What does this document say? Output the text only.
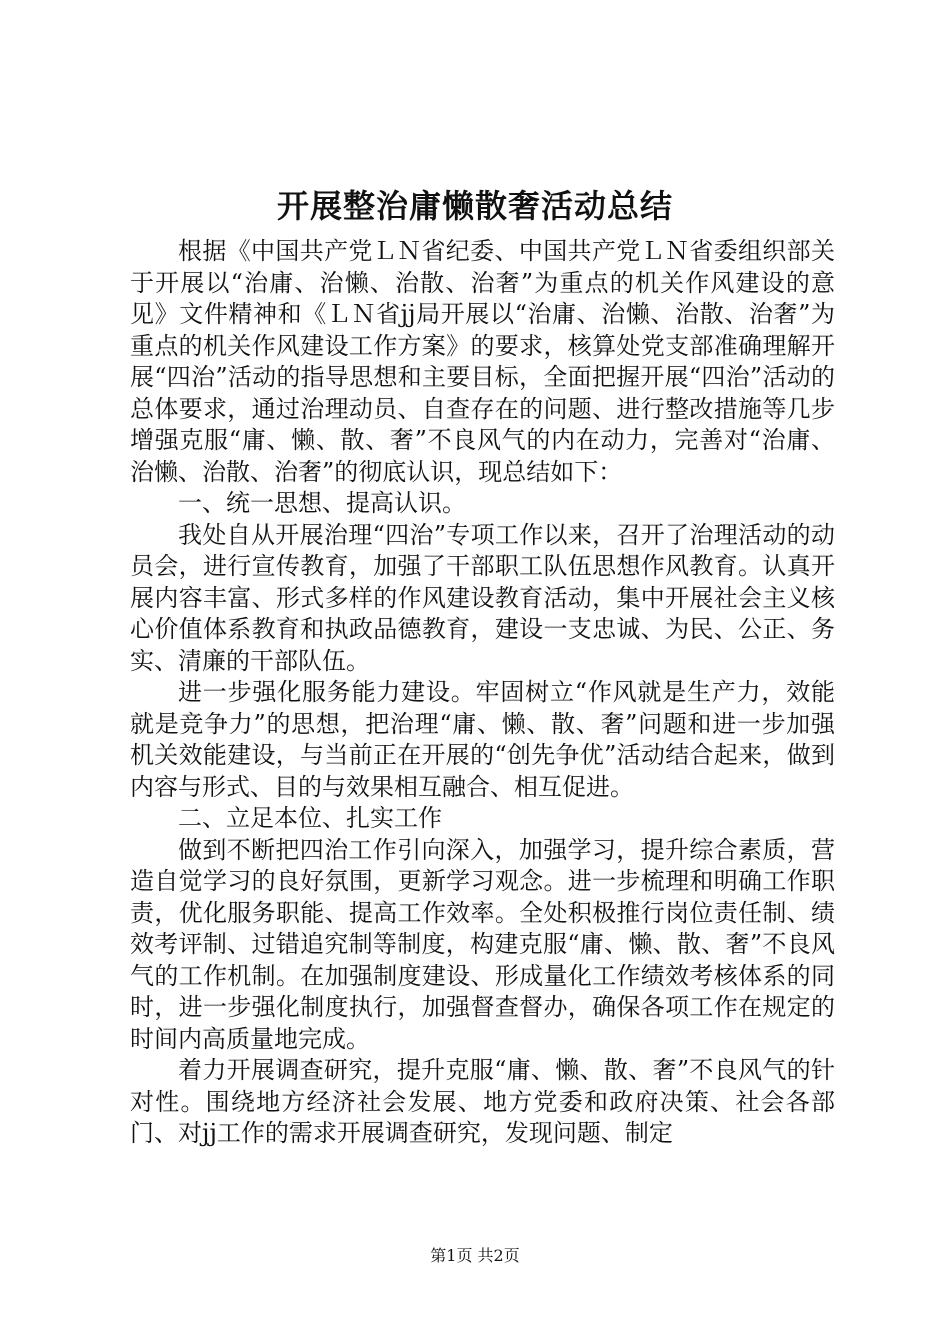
开展整治庸懒散奢活动总结

根据《中国共产党ＬＮ省纪委、中国共产党ＬＮ省委组织部关于开展以“治庸、治懒、治散、治奢”为重点的机关作风建设的意见》文件精神和《ＬＮ省jj局开展以“治庸、治懒、治散、治奢”为重点的机关作风建设工作方案》的要求，核算处党支部准确理解开展“四治”活动的指导思想和主要目标，全面把握开展“四治”活动的总体要求，通过治理动员、自查存在的问题、进行整改措施等几步增强克服“庸、懒、散、奢”不良风气的内在动力，完善对“治庸、治懒、治散、治奢”的彻底认识，现总结如下：

一、统一思想、提高认识。

我处自从开展治理“四治”专项工作以来，召开了治理活动的动员会，进行宣传教育，加强了干部职工队伍思想作风教育。认真开展内容丰富、形式多样的作风建设教育活动，集中开展社会主义核心价值体系教育和执政品德教育，建设一支忠诚、为民、公正、务实、清廉的干部队伍。

进一步强化服务能力建设。牢固树立“作风就是生产力，效能就是竞争力”的思想，把治理“庸、懒、散、奢”问题和进一步加强机关效能建设，与当前正在开展的“创先争优”活动结合起来，做到内容与形式、目的与效果相互融合、相互促进。

二、立足本位、扎实工作

做到不断把四治工作引向深入，加强学习，提升综合素质，营造自觉学习的良好氛围，更新学习观念。进一步梳理和明确工作职责，优化服务职能、提高工作效率。全处积极推行岗位责任制、绩效考评制、过错追究制等制度，构建克服“庸、懒、散、奢”不良风气的工作机制。在加强制度建设、形成量化工作绩效考核体系的同时，进一步强化制度执行，加强督查督办，确保各项工作在规定的时间内高质量地完成。

着力开展调查研究，提升克服“庸、懒、散、奢”不良风气的针对性。围绕地方经济社会发展、地方党委和政府决策、社会各部门、对jj工作的需求开展调查研究，发现问题、制定

第1页 共2页
